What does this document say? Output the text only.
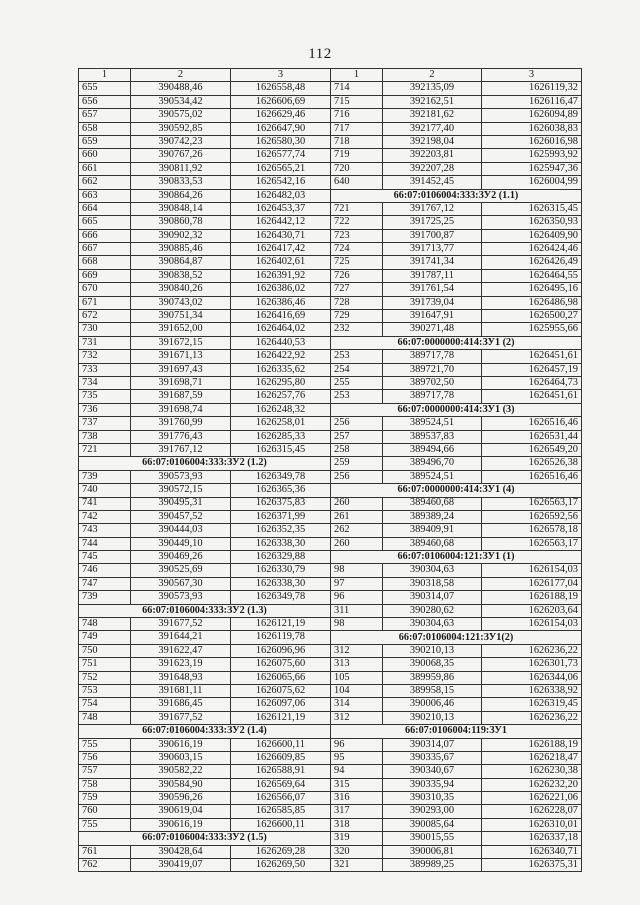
112
1	2	3	1	2	3
655	390488,46	1626558,48	714	392135,09	1626119,32
656	390534,42	1626606,69	715	392162,51	1626116,47
657	390575,02	1626629,46	716	392181,62	1626094,89
658	390592,85	1626647,90	717	392177,40	1626038,83
659	390742,23	1626580,30	718	392198,04	1626016,98
660	390767,26	1626577,74	719	392203,81	1625993,92
661	390811,92	1626565,21	720	392207,28	1625947,36
662	390833,53	1626542,16	640	391452,45	1626004,99
663	390864,26	1626482,03	66:07:0106004:333:ЗУ2 (1.1)		
664	390848,14	1626453,37	721	391767,12	1626315,45
665	390860,78	1626442,12	722	391725,25	1626350,93
666	390902,32	1626430,71	723	391700,87	1626409,90
667	390885,46	1626417,42	724	391713,77	1626424,46
668	390864,87	1626402,61	725	391741,34	1626426,49
669	390838,52	1626391,92	726	391787,11	1626464,55
670	390840,26	1626386,02	727	391761,54	1626495,16
671	390743,02	1626386,46	728	391739,04	1626486,98
672	390751,34	1626416,69	729	391647,91	1626500,27
730	391652,00	1626464,02	232	390271,48	1625955,66
731	391672,15	1626440,53	66:07:0000000:414:ЗУ1 (2)		
732	391671,13	1626422,92	253	389717,78	1626451,61
733	391697,43	1626335,62	254	389721,70	1626457,19
734	391698,71	1626295,80	255	389702,50	1626464,73
735	391687,59	1626257,76	253	389717,78	1626451,61
736	391698,74	1626248,32	66:07:0000000:414:ЗУ1 (3)		
737	391760,99	1626258,01	256	389524,51	1626516,46
738	391776,43	1626285,33	257	389537,83	1626531,44
721	391767,12	1626315,45	258	389494,66	1626549,20
66:07:0106004:333:ЗУ2 (1.2)			259	389496,70	1626526,38
739	390573,93	1626349,78	256	389524,51	1626516,46
740	390572,15	1626365,36	66:07:0000000:414:ЗУ1 (4)		
741	390495,31	1626375,83	260	389460,68	1626563,17
742	390457,52	1626371,99	261	389389,24	1626592,56
743	390444,03	1626352,35	262	389409,91	1626578,18
744	390449,10	1626338,30	260	389460,68	1626563,17
745	390469,26	1626329,88	66:07:0106004:121:ЗУ1 (1)		
746	390525,69	1626330,79	98	390304,63	1626154,03
747	390567,30	1626338,30	97	390318,58	1626177,04
739	390573,93	1626349,78	96	390314,07	1626188,19
66:07:0106004:333:ЗУ2 (1.3)			311	390280,62	1626203,64
748	391677,52	1626121,19	98	390304,63	1626154,03
749	391644,21	1626119,78	66:07:0106004:121:ЗУ1(2)		
750	391622,47	1626096,96	312	390210,13	1626236,22
751	391623,19	1626075,60	313	390068,35	1626301,73
752	391648,93	1626065,66	105	389959,86	1626344,06
753	391681,11	1626075,62	104	389958,15	1626338,92
754	391686,45	1626097,06	314	390006,46	1626319,45
748	391677,52	1626121,19	312	390210,13	1626236,22
66:07:0106004:333:ЗУ2 (1.4)			66:07:0106004:119:ЗУ1		
755	390616,19	1626600,11	96	390314,07	1626188,19
756	390603,15	1626609,85	95	390335,67	1626218,47
757	390582,22	1626588,91	94	390340,67	1626230,38
758	390584,90	1626569,64	315	390335,94	1626232,20
759	390596,26	1626566,07	316	390310,35	1626221,06
760	390619,04	1626585,85	317	390293,00	1626228,07
755	390616,19	1626600,11	318	390085,64	1626310,01
66:07:0106004:333:ЗУ2 (1.5)			319	390015,55	1626337,18
761	390428,64	1626269,28	320	390006,81	1626340,71
762	390419,07	1626269,50	321	389989,25	1626375,31
